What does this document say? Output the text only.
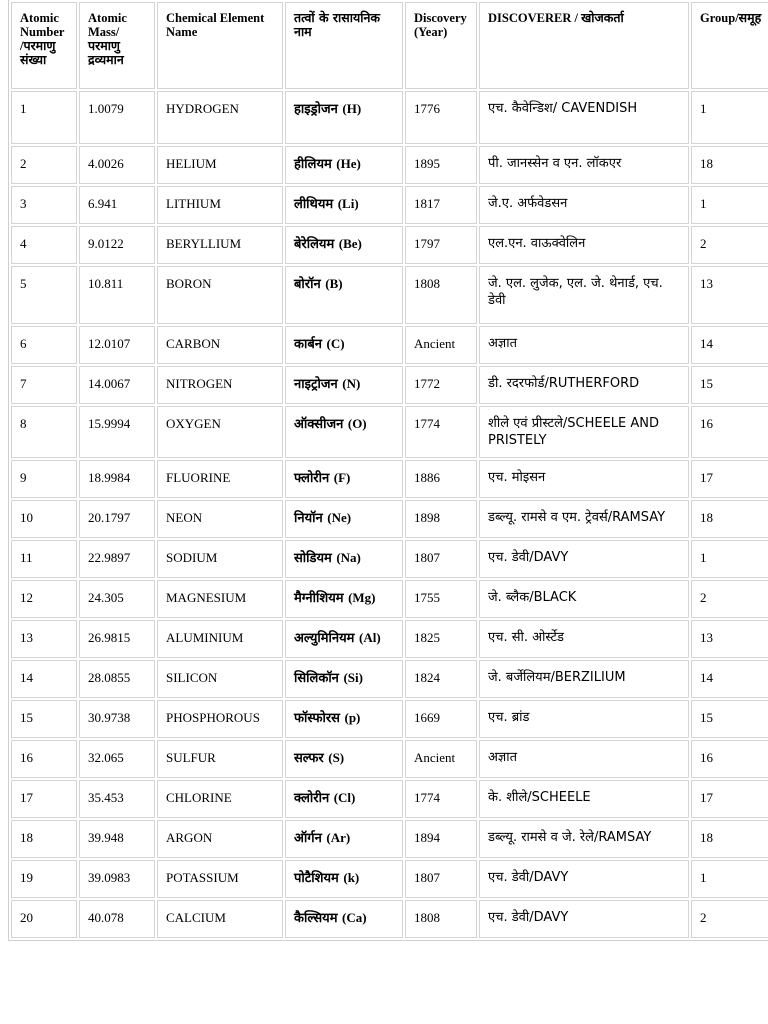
Atomic Number /परमाणु संख्या	Atomic Mass/ परमाणु द्रव्यमान	Chemical Element Name	तत्वों के रासायनिक नाम	Discovery (Year)	DISCOVERER / खोजकर्ता	Group/समूह
1	1.0079	HYDROGEN	हाइड्रोजन (H)	1776	एच. कैवेन्डिश/ CAVENDISH	1
2	4.0026	HELIUM	हीलियम (He)	1895	पी. जानस्सेन व एन. लॉकएर	18
3	6.941	LITHIUM	लीथियम (Li)	1817	जे.ए. अर्फवेडसन	1
4	9.0122	BERYLLIUM	बेरेलियम (Be)	1797	एल.एन. वाऊक्वेलिन	2
5	10.811	BORON	बोरॉन (B)	1808	जे. एल. लुजेक, एल. जे. थेनार्ड, एच. डेवी	13
6	12.0107	CARBON	कार्बन (C)	Ancient	अज्ञात	14
7	14.0067	NITROGEN	नाइट्रोजन (N)	1772	डी. रदरफोर्ड/RUTHERFORD	15
8	15.9994	OXYGEN	ऑक्सीजन (O)	1774	शीले एवं प्रीस्टले/SCHEELE AND PRISTELY	16
9	18.9984	FLUORINE	फ्लोरीन (F)	1886	एच. मोइसन	17
10	20.1797	NEON	नियॉन (Ne)	1898	डब्ल्यू. रामसे व एम. ट्रेवर्स/RAMSAY	18
11	22.9897	SODIUM	सोडियम (Na)	1807	एच. डेवी/DAVY	1
12	24.305	MAGNESIUM	मैग्नीशियम (Mg)	1755	जे. ब्लैक/BLACK	2
13	26.9815	ALUMINIUM	अल्युमिनियम (Al)	1825	एच. सी. ओर्स्टेड	13
14	28.0855	SILICON	सिलिकॉन (Si)	1824	जे. बर्जेलियम/BERZILIUM	14
15	30.9738	PHOSPHOROUS	फॉस्फोरस (p)	1669	एच. ब्रांड	15
16	32.065	SULFUR	सल्फर (S)	Ancient	अज्ञात	16
17	35.453	CHLORINE	क्लोरीन (Cl)	1774	के. शीले/SCHEELE	17
18	39.948	ARGON	ऑर्गन (Ar)	1894	डब्ल्यू. रामसे व जे. रेले/RAMSAY	18
19	39.0983	POTASSIUM	पोटैशियम (k)	1807	एच. डेवी/DAVY	1
20	40.078	CALCIUM	कैल्सियम (Ca)	1808	एच. डेवी/DAVY	2
